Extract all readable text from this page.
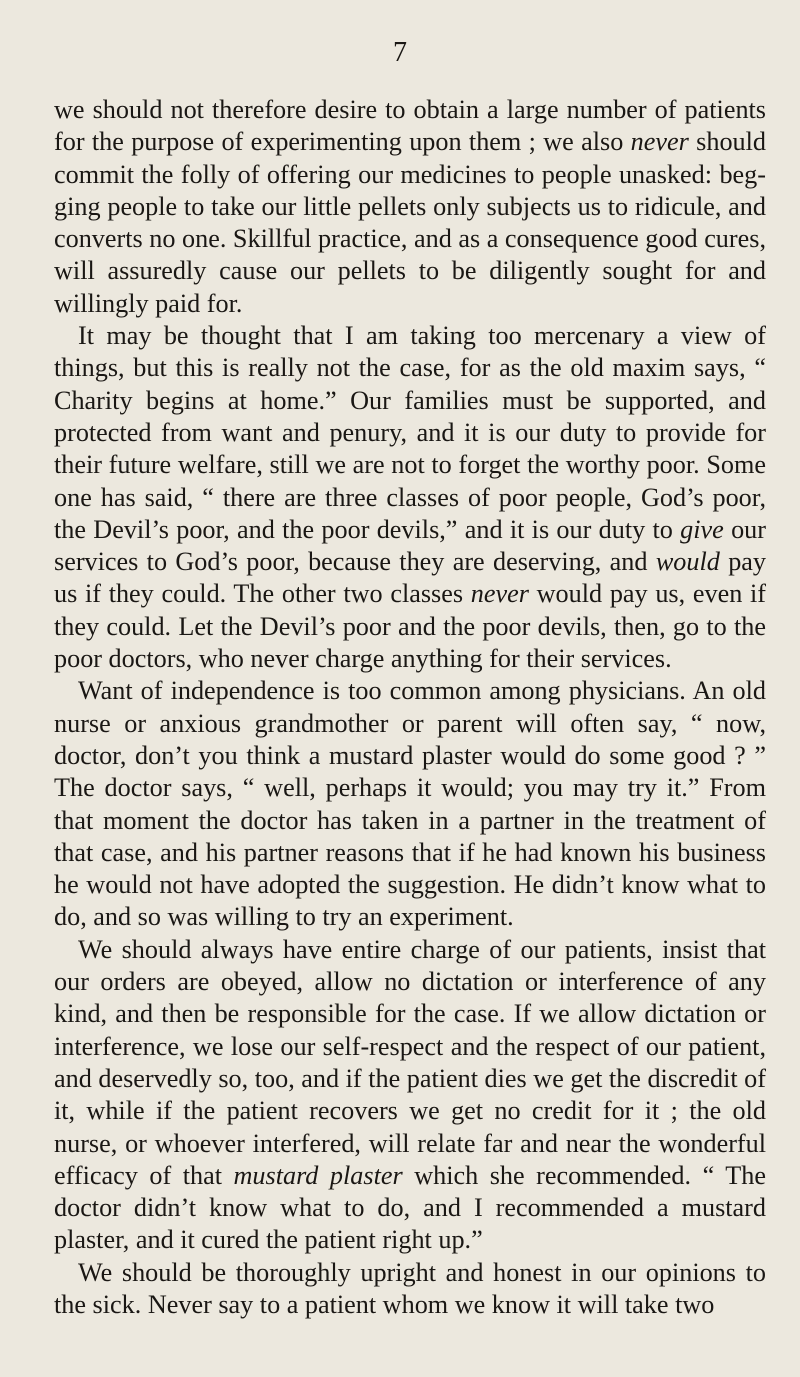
7

we should not therefore desire to obtain a large number of patients for the purpose of experimenting upon them ; we also never should commit the folly of offering our medicines to people unasked: begging people to take our little pellets only subjects us to ridicule, and converts no one. Skillful practice, and as a consequence good cures, will assuredly cause our pellets to be diligently sought for and willingly paid for.

It may be thought that I am taking too mercenary a view of things, but this is really not the case, for as the old maxim says, “ Charity begins at home.” Our families must be supported, and protected from want and penury, and it is our duty to provide for their future welfare, still we are not to forget the worthy poor. Some one has said, “ there are three classes of poor people, God’s poor, the Devil’s poor, and the poor devils,” and it is our duty to give our services to God’s poor, because they are deserving, and would pay us if they could. The other two classes never would pay us, even if they could. Let the Devil’s poor and the poor devils, then, go to the poor doctors, who never charge anything for their services.

Want of independence is too common among physicians. An old nurse or anxious grandmother or parent will often say, “ now, doctor, don’t you think a mustard plaster would do some good ? ” The doctor says, “ well, perhaps it would; you may try it.” From that moment the doctor has taken in a partner in the treatment of that case, and his partner reasons that if he had known his business he would not have adopted the suggestion. He didn’t know what to do, and so was willing to try an experiment.

We should always have entire charge of our patients, insist that our orders are obeyed, allow no dictation or interference of any kind, and then be responsible for the case. If we allow dictation or interference, we lose our self-respect and the respect of our patient, and deservedly so, too, and if the patient dies we get the discredit of it, while if the patient recovers we get no credit for it ; the old nurse, or whoever interfered, will relate far and near the wonderful efficacy of that mustard plaster which she recommended. “ The doctor didn’t know what to do, and I recommended a mustard plaster, and it cured the patient right up.”

We should be thoroughly upright and honest in our opinions to the sick. Never say to a patient whom we know it will take two
